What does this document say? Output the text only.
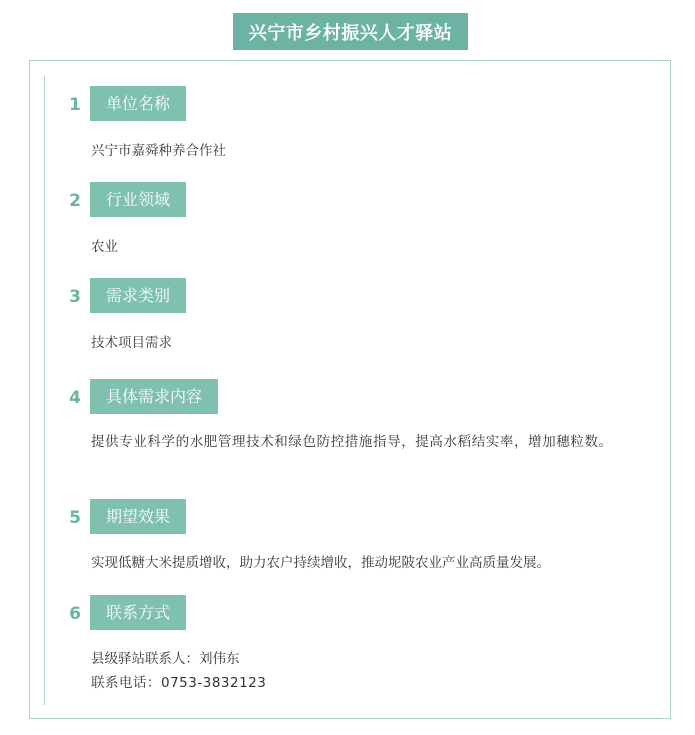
兴宁市乡村振兴人才驿站
1	单位名称
兴宁市嘉舜种养合作社
2	行业领域
农业
3	需求类别
技术项目需求
4	具体需求内容
提供专业科学的水肥管理技术和绿色防控措施指导，提高水稻结实率，增加穗粒数。
5	期望效果
实现低糖大米提质增收，助力农户持续增收，推动坭陂农业产业高质量发展。
6	联系方式
县级驿站联系人：刘伟东
联系电话：0753-3832123
